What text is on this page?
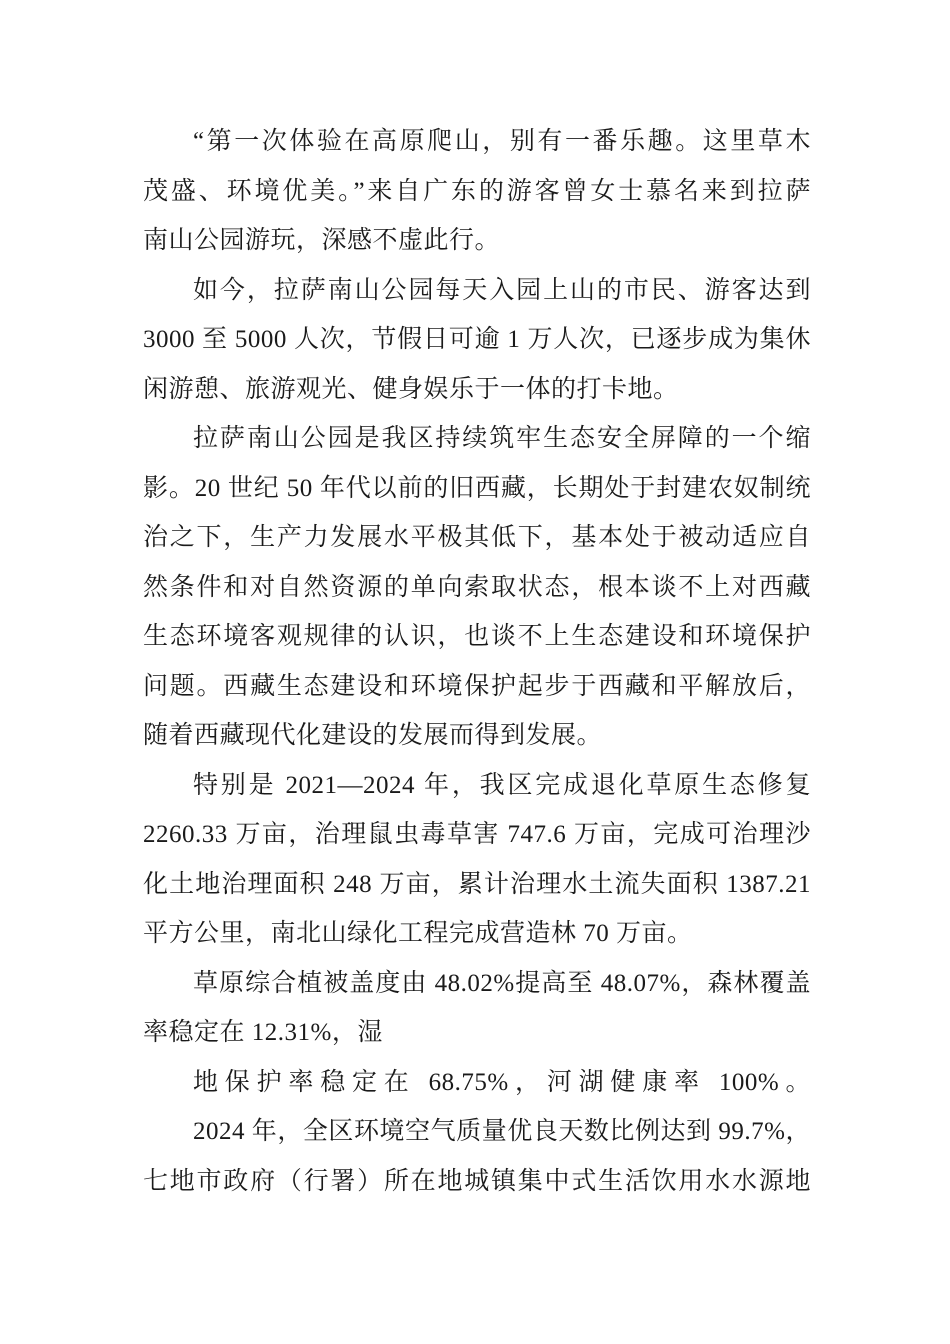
“第一次体验在高原爬山，别有一番乐趣。这里草木

茂盛、环境优美。”来自广东的游客曾女士慕名来到拉萨

南山公园游玩，深感不虚此行。

如今，拉萨南山公园每天入园上山的市民、游客达到

3000 至 5000 人次，节假日可逾 1 万人次，已逐步成为集休

闲游憩、旅游观光、健身娱乐于一体的打卡地。

拉萨南山公园是我区持续筑牢生态安全屏障的一个缩

影。20 世纪 50 年代以前的旧西藏，长期处于封建农奴制统

治之下，生产力发展水平极其低下，基本处于被动适应自

然条件和对自然资源的单向索取状态，根本谈不上对西藏

生态环境客观规律的认识，也谈不上生态建设和环境保护

问题。西藏生态建设和环境保护起步于西藏和平解放后，

随着西藏现代化建设的发展而得到发展。

特别是 2021—2024 年，我区完成退化草原生态修复

2260.33 万亩，治理鼠虫毒草害 747.6 万亩，完成可治理沙

化土地治理面积 248 万亩，累计治理水土流失面积 1387.21

平方公里，南北山绿化工程完成营造林 70 万亩。

草原综合植被盖度由 48.02%提高至 48.07%，森林覆盖

率稳定在 12.31%，湿

地保护率稳定在 68.75%，河湖健康率 100%。

2024 年，全区环境空气质量优良天数比例达到 99.7%，

七地市政府（行署）所在地城镇集中式生活饮用水水源地
